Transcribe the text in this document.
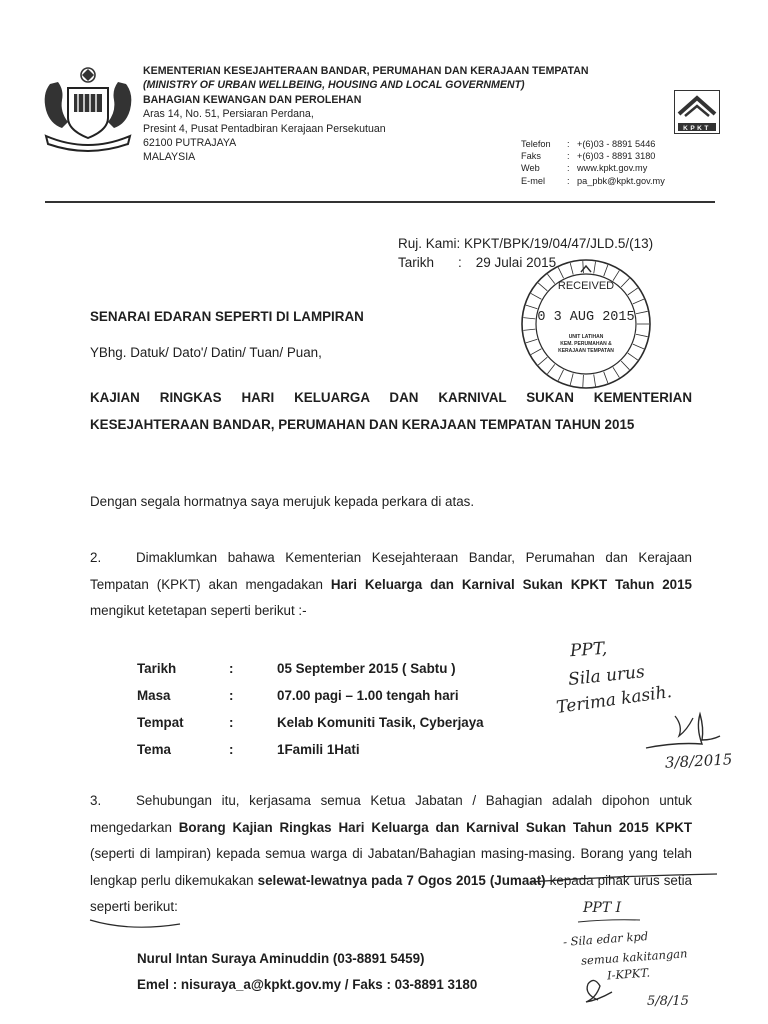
KEMENTERIAN KESEJAHTERAAN BANDAR, PERUMAHAN DAN KERAJAAN TEMPATAN
(MINISTRY OF URBAN WELLBEING, HOUSING AND LOCAL GOVERNMENT)
BAHAGIAN KEWANGAN DAN PEROLEHAN
Aras 14, No. 51, Persiaran Perdana,
Presint 4, Pusat Pentadbiran Kerajaan Persekutuan
62100 PUTRAJAYA
MALAYSIA
KPKT
Telefon	: +(6)03 - 8891 5446
Faks	: +(6)03 - 8891 3180
Web	: www.kpkt.gov.my
E-mel	: pa_pbk@kpkt.gov.my
Ruj. Kami: KPKT/BPK/19/04/47/JLD.5/(13)
Tarikh : 29 Julai 2015
RECEIVED
0 3 AUG 2015
UNIT LATIHAN
KEM. PERUMAHAN &
KERAJAAN TEMPATAN
SENARAI EDARAN SEPERTI DI LAMPIRAN
YBhg. Datuk/ Dato'/ Datin/ Tuan/ Puan,
KAJIAN RINGKAS HARI KELUARGA DAN KARNIVAL SUKAN KEMENTERIAN KESEJAHTERAAN BANDAR, PERUMAHAN DAN KERAJAAN TEMPATAN TAHUN 2015
Dengan segala hormatnya saya merujuk kepada perkara di atas.
2.	Dimaklumkan bahawa Kementerian Kesejahteraan Bandar, Perumahan dan Kerajaan Tempatan (KPKT) akan mengadakan Hari Keluarga dan Karnival Sukan KPKT Tahun 2015 mengikut ketetapan seperti berikut :-
Tarikh	:	05 September 2015 ( Sabtu )
Masa	:	07.00 pagi – 1.00 tengah hari
Tempat	:	Kelab Komuniti Tasik, Cyberjaya
Tema	:	1Famili 1Hati
3.	Sehubungan itu, kerjasama semua Ketua Jabatan / Bahagian adalah dipohon untuk mengedarkan Borang Kajian Ringkas Hari Keluarga dan Karnival Sukan Tahun 2015 KPKT (seperti di lampiran) kepada semua warga di Jabatan/Bahagian masing-masing. Borang yang telah lengkap perlu dikemukakan selewat-lewatnya pada 7 Ogos 2015 (Jumaat) kepada pihak urus setia seperti berikut:
Nurul Intan Suraya Aminuddin (03-8891 5459)
Emel : nisuraya_a@kpkt.gov.my / Faks : 03-8891 3180
PPT,
Sila urus
Terima kasih.
3/8/2015
PPT I
- Sila edar kpd
semua kakitangan
I-KPKT.
5/8/15
